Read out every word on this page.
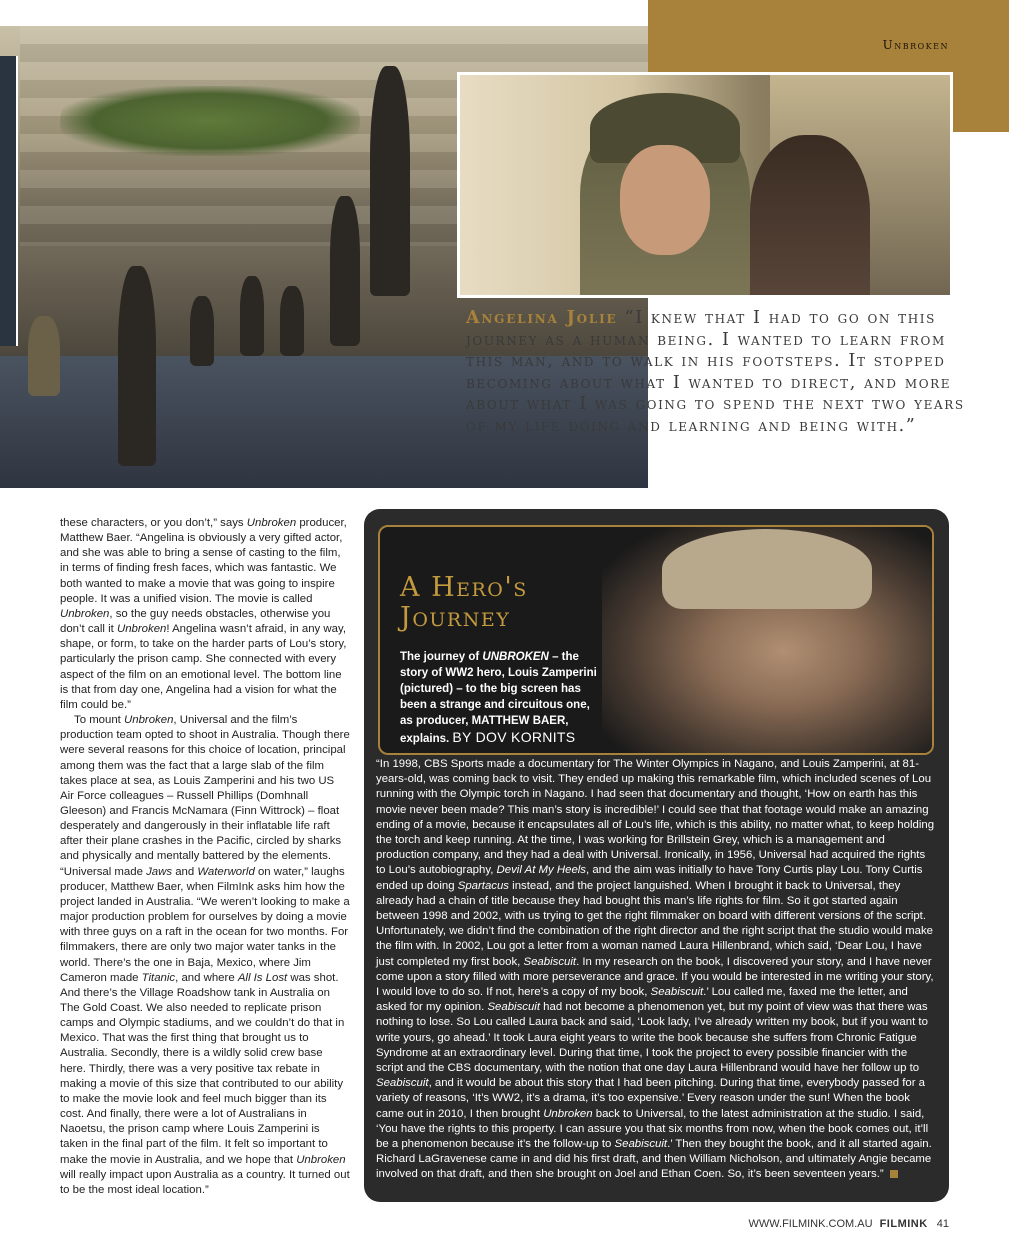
Unbroken
Angelina Jolie “I knew that I had to go on this journey as a human being. I wanted to learn from this man, and to walk in his footsteps. It stopped becoming about what I wanted to direct, and more about what I was going to spend the next two years of my life doing and learning and being with.”

these characters, or you don’t,” says Unbroken producer, Matthew Baer. “Angelina is obviously a very gifted actor, and she was able to bring a sense of casting to the film, in terms of finding fresh faces, which was fantastic. We both wanted to make a movie that was going to inspire people. It was a unified vision. The movie is called Unbroken, so the guy needs obstacles, otherwise you don’t call it Unbroken! Angelina wasn’t afraid, in any way, shape, or form, to take on the harder parts of Lou’s story, particularly the prison camp. She connected with every aspect of the film on an emotional level. The bottom line is that from day one, Angelina had a vision for what the film could be.”

To mount Unbroken, Universal and the film’s production team opted to shoot in Australia. Though there were several reasons for this choice of location, principal among them was the fact that a large slab of the film takes place at sea, as Louis Zamperini and his two US Air Force colleagues – Russell Phillips (Domhnall Gleeson) and Francis McNamara (Finn Wittrock) – float desperately and dangerously in their inflatable life raft after their plane crashes in the Pacific, circled by sharks and physically and mentally battered by the elements. “Universal made Jaws and Waterworld on water,” laughs producer, Matthew Baer, when FilmInk asks him how the project landed in Australia. “We weren’t looking to make a major production problem for ourselves by doing a movie with three guys on a raft in the ocean for two months. For filmmakers, there are only two major water tanks in the world. There’s the one in Baja, Mexico, where Jim Cameron made Titanic, and where All Is Lost was shot. And there’s the Village Roadshow tank in Australia on The Gold Coast. We also needed to replicate prison camps and Olympic stadiums, and we couldn’t do that in Mexico. That was the first thing that brought us to Australia. Secondly, there is a wildly solid crew base here. Thirdly, there was a very positive tax rebate in making a movie of this size that contributed to our ability to make the movie look and feel much bigger than its cost. And finally, there were a lot of Australians in Naoetsu, the prison camp where Louis Zamperini is taken in the final part of the film. It felt so important to make the movie in Australia, and we hope that Unbroken will really impact upon Australia as a country. It turned out to be the most ideal location.”

A Hero's
Journey
The journey of UNBROKEN – the story of WW2 hero, Louis Zamperini (pictured) – to the big screen has been a strange and circuitous one, as producer, MATTHEW BAER, explains. BY DOV KORNITS
“In 1998, CBS Sports made a documentary for The Winter Olympics in Nagano, and Louis Zamperini, at 81-years-old, was coming back to visit. They ended up making this remarkable film, which included scenes of Lou running with the Olympic torch in Nagano. I had seen that documentary and thought, ‘How on earth has this movie never been made? This man’s story is incredible!’ I could see that that footage would make an amazing ending of a movie, because it encapsulates all of Lou’s life, which is this ability, no matter what, to keep holding the torch and keep running. At the time, I was working for Brillstein Grey, which is a management and production company, and they had a deal with Universal. Ironically, in 1956, Universal had acquired the rights to Lou’s autobiography, Devil At My Heels, and the aim was initially to have Tony Curtis play Lou. Tony Curtis ended up doing Spartacus instead, and the project languished. When I brought it back to Universal, they already had a chain of title because they had bought this man’s life rights for film. So it got started again between 1998 and 2002, with us trying to get the right filmmaker on board with different versions of the script. Unfortunately, we didn’t find the combination of the right director and the right script that the studio would make the film with. In 2002, Lou got a letter from a woman named Laura Hillenbrand, which said, ‘Dear Lou, I have just completed my first book, Seabiscuit. In my research on the book, I discovered your story, and I have never come upon a story filled with more perseverance and grace. If you would be interested in me writing your story, I would love to do so. If not, here’s a copy of my book, Seabiscuit.’ Lou called me, faxed me the letter, and asked for my opinion. Seabiscuit had not become a phenomenon yet, but my point of view was that there was nothing to lose. So Lou called Laura back and said, ‘Look lady, I’ve already written my book, but if you want to write yours, go ahead.’ It took Laura eight years to write the book because she suffers from Chronic Fatigue Syndrome at an extraordinary level. During that time, I took the project to every possible financier with the script and the CBS documentary, with the notion that one day Laura Hillenbrand would have her follow up to Seabiscuit, and it would be about this story that I had been pitching. During that time, everybody passed for a variety of reasons, ‘It’s WW2, it’s a drama, it’s too expensive.’ Every reason under the sun! When the book came out in 2010, I then brought Unbroken back to Universal, to the latest administration at the studio. I said, ‘You have the rights to this property. I can assure you that six months from now, when the book comes out, it’ll be a phenomenon because it’s the follow-up to Seabiscuit.’ Then they bought the book, and it all started again. Richard LaGravenese came in and did his first draft, and then William Nicholson, and ultimately Angie became involved on that draft, and then she brought on Joel and Ethan Coen. So, it’s been seventeen years.”
WWW.FILMINK.COM.AU FILMINK 41
